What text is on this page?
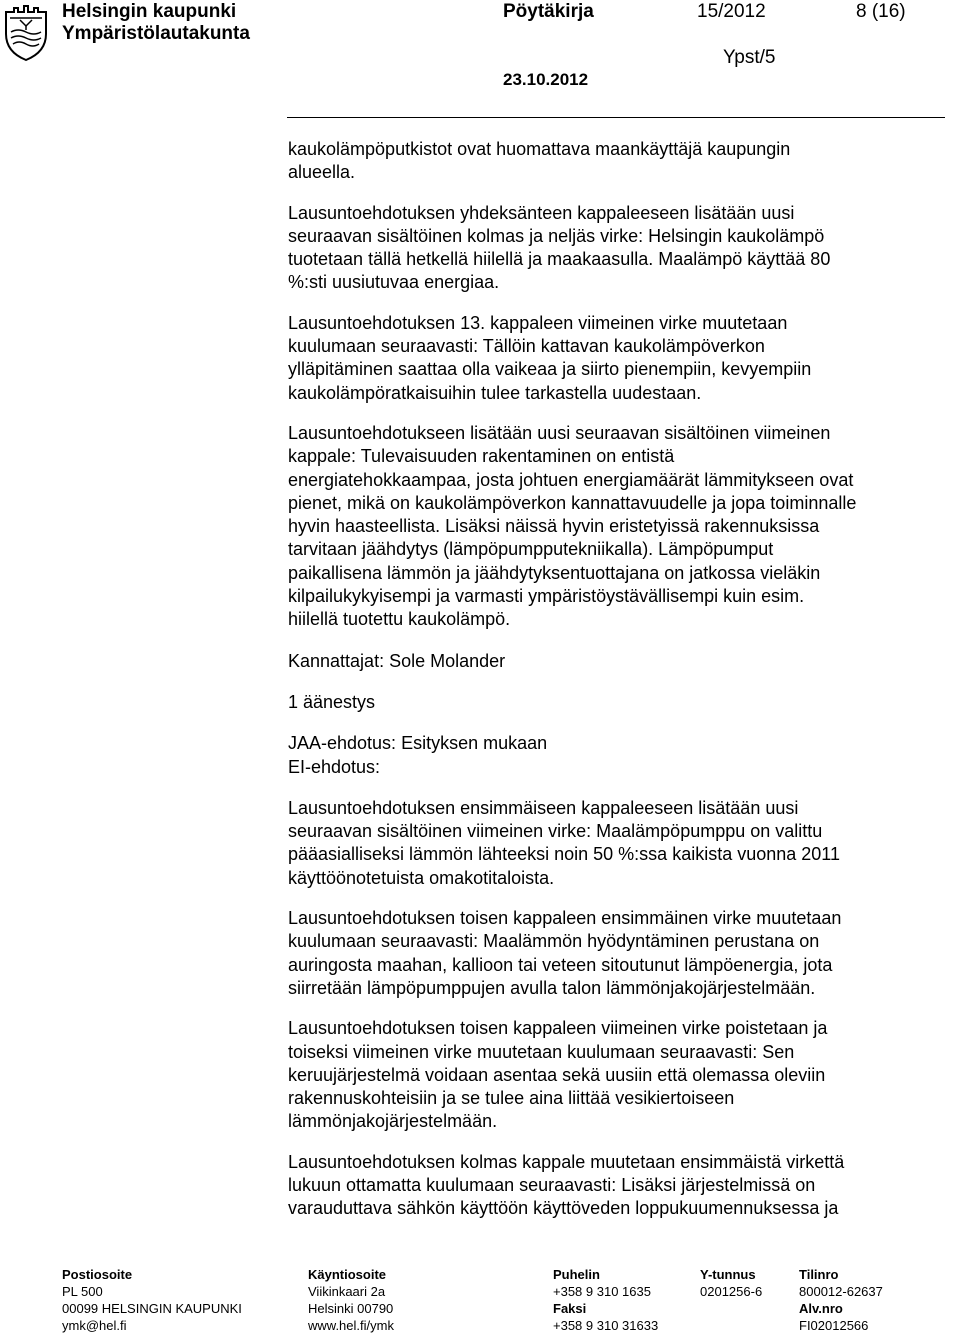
Helsingin kaupunki
Ympäristölautakunta
Pöytäkirja	15/2012	8 (16)
Ypst/5
23.10.2012

kaukolämpöputkistot ovat huomattava maankäyttäjä kaupungin
alueella.

Lausuntoehdotuksen yhdeksänteen kappaleeseen lisätään uusi
seuraavan sisältöinen kolmas ja neljäs virke: Helsingin kaukolämpö
tuotetaan tällä hetkellä hiilellä ja maakaasulla. Maalämpö käyttää 80
%:sti uusiutuvaa energiaa.

Lausuntoehdotuksen 13. kappaleen viimeinen virke muutetaan
kuulumaan seuraavasti: Tällöin kattavan kaukolämpöverkon
ylläpitäminen saattaa olla vaikeaa ja siirto pienempiin, kevyempiin
kaukolämpöratkaisuihin tulee tarkastella uudestaan.

Lausuntoehdotukseen lisätään uusi seuraavan sisältöinen viimeinen
kappale: Tulevaisuuden rakentaminen on entistä
energiatehokkaampaa, josta johtuen energiamäärät lämmitykseen ovat
pienet, mikä on kaukolämpöverkon kannattavuudelle ja jopa toiminnalle
hyvin haasteellista. Lisäksi näissä hyvin eristetyissä rakennuksissa
tarvitaan jäähdytys (lämpöpumpputekniikalla). Lämpöpumput
paikallisena lämmön ja jäähdytyksentuottajana on jatkossa vieläkin
kilpailukykyisempi ja varmasti ympäristöystävällisempi kuin esim.
hiilellä tuotettu kaukolämpö.

Kannattajat: Sole Molander

1 äänestys

JAA-ehdotus: Esityksen mukaan
EI-ehdotus:

Lausuntoehdotuksen ensimmäiseen kappaleeseen lisätään uusi
seuraavan sisältöinen viimeinen virke: Maalämpöpumppu on valittu
pääasialliseksi lämmön lähteeksi noin 50 %:ssa kaikista vuonna 2011
käyttöönotetuista omakotitaloista.

Lausuntoehdotuksen toisen kappaleen ensimmäinen virke muutetaan
kuulumaan seuraavasti: Maalämmön hyödyntäminen perustana on
auringosta maahan, kallioon tai veteen sitoutunut lämpöenergia, jota
siirretään lämpöpumppujen avulla talon lämmönjakojärjestelmään.

Lausuntoehdotuksen toisen kappaleen viimeinen virke poistetaan ja
toiseksi viimeinen virke muutetaan kuulumaan seuraavasti: Sen
keruujärjestelmä voidaan asentaa sekä uusiin että olemassa oleviin
rakennuskohteisiin ja se tulee aina liittää vesikiertoiseen
lämmönjakojärjestelmään.

Lausuntoehdotuksen kolmas kappale muutetaan ensimmäistä virkettä
lukuun ottamatta kuulumaan seuraavasti: Lisäksi järjestelmissä on
varauduttava sähkön käyttöön käyttöveden loppukuumennuksessa ja

Postiosoite
PL 500
00099 HELSINGIN KAUPUNKI
ymk@hel.fi
Käyntiosoite
Viikinkaari 2a
Helsinki 00790
www.hel.fi/ymk
Puhelin
+358 9 310 1635
Faksi
+358 9 310 31633
Y-tunnus
0201256-6
Tilinro
800012-62637
Alv.nro
FI02012566
